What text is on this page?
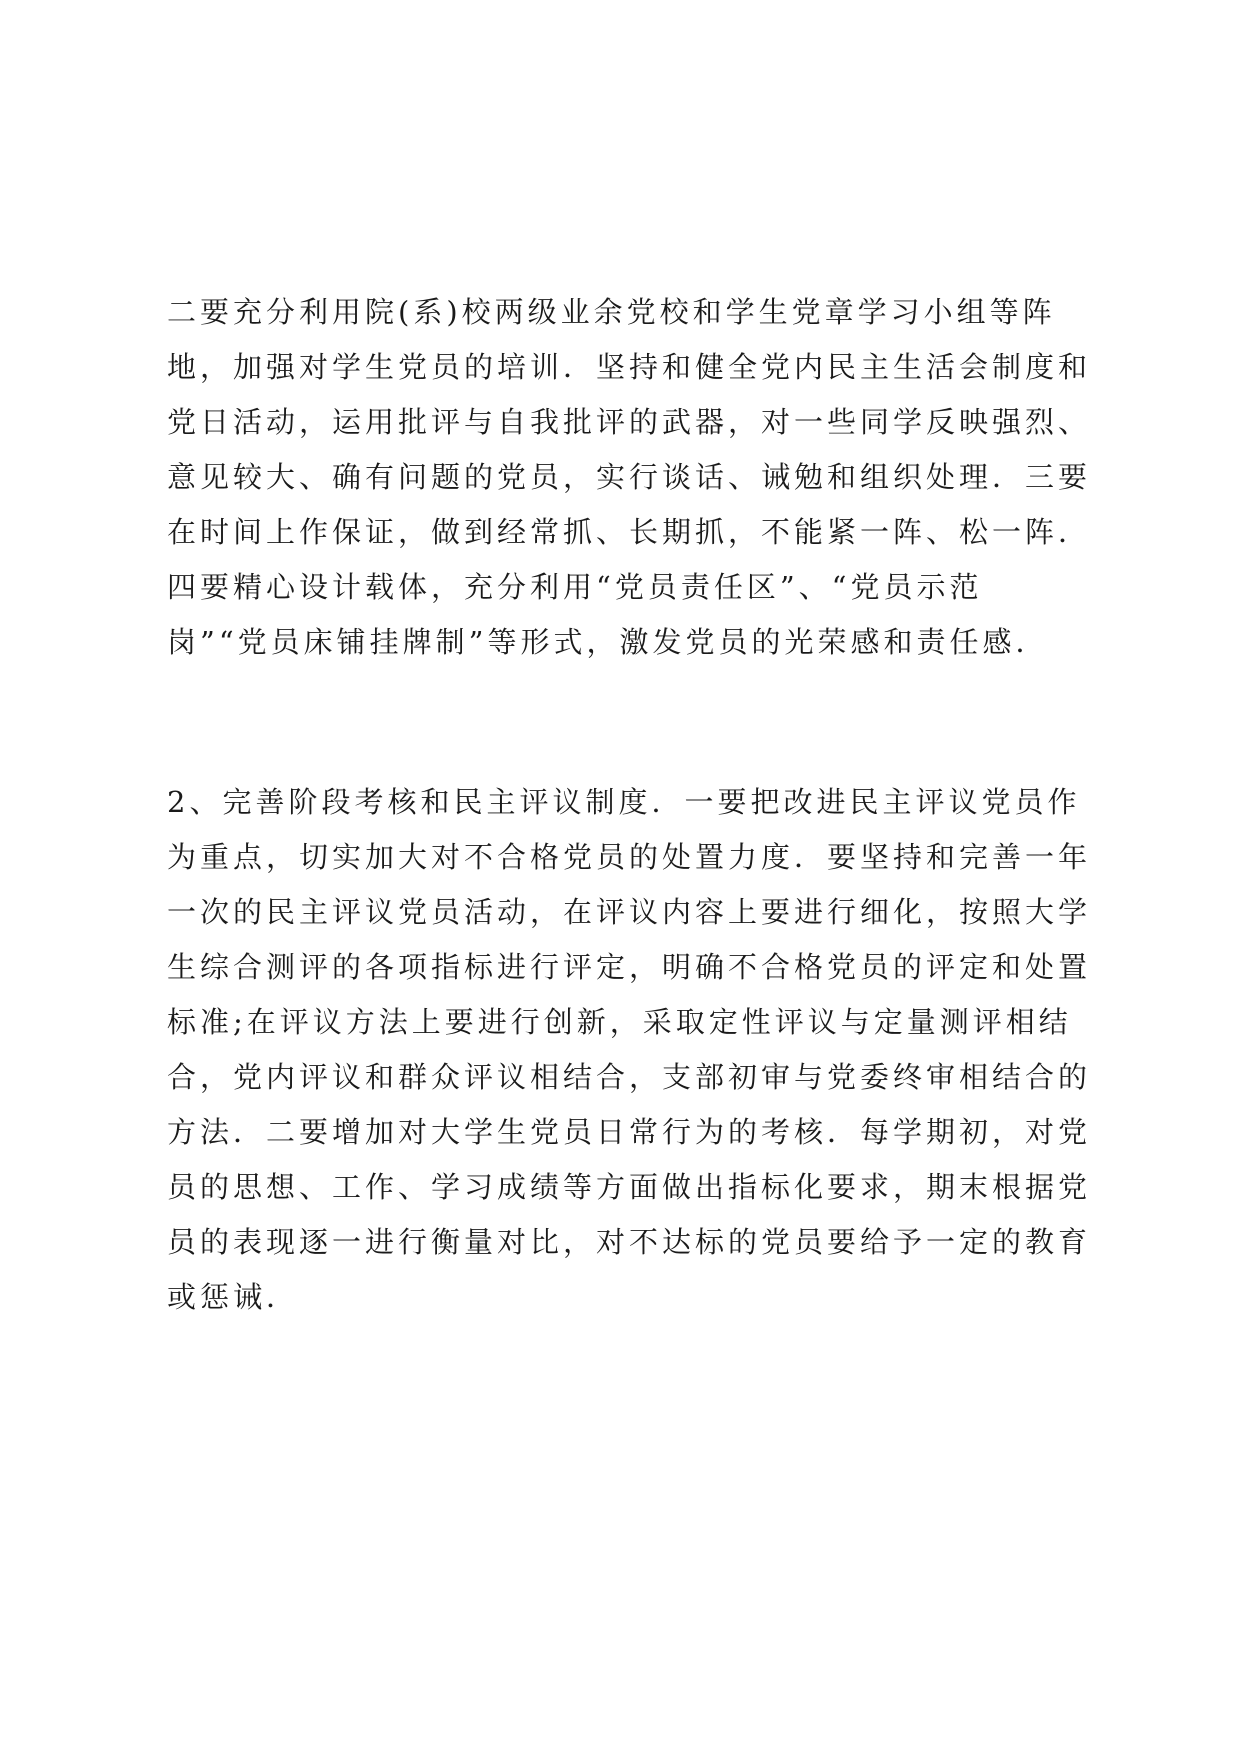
二要充分利用院(系)校两级业余党校和学生党章学习小组等阵
地，加强对学生党员的培训．坚持和健全党内民主生活会制度和
党日活动，运用批评与自我批评的武器，对一些同学反映强烈、
意见较大、确有问题的党员，实行谈话、诫勉和组织处理．三要
在时间上作保证，做到经常抓、长期抓，不能紧一阵、松一阵．
四要精心设计载体，充分利用“党员责任区”、“党员示范
岗”“党员床铺挂牌制”等形式，激发党员的光荣感和责任感．
2、完善阶段考核和民主评议制度．一要把改进民主评议党员作
为重点，切实加大对不合格党员的处置力度．要坚持和完善一年
一次的民主评议党员活动，在评议内容上要进行细化，按照大学
生综合测评的各项指标进行评定，明确不合格党员的评定和处置
标准;在评议方法上要进行创新，采取定性评议与定量测评相结
合，党内评议和群众评议相结合，支部初审与党委终审相结合的
方法．二要增加对大学生党员日常行为的考核．每学期初，对党
员的思想、工作、学习成绩等方面做出指标化要求，期末根据党
员的表现逐一进行衡量对比，对不达标的党员要给予一定的教育
或惩诫．
